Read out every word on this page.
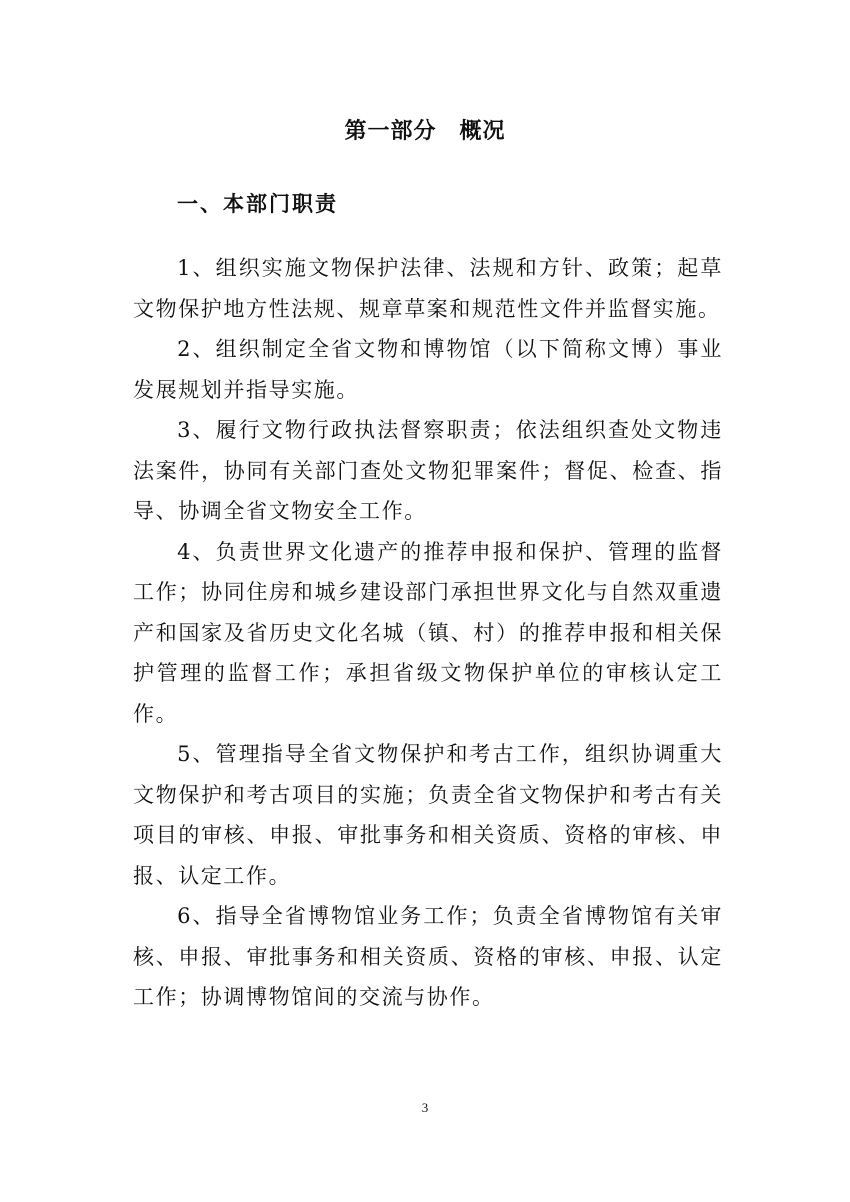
第一部分　概况
一、本部门职责

1、组织实施文物保护法律、法规和方针、政策；起草文物保护地方性法规、规章草案和规范性文件并监督实施。

2、组织制定全省文物和博物馆（以下简称文博）事业发展规划并指导实施。

3、履行文物行政执法督察职责；依法组织查处文物违法案件，协同有关部门查处文物犯罪案件；督促、检查、指导、协调全省文物安全工作。

4、负责世界文化遗产的推荐申报和保护、管理的监督工作；协同住房和城乡建设部门承担世界文化与自然双重遗产和国家及省历史文化名城（镇、村）的推荐申报和相关保护管理的监督工作；承担省级文物保护单位的审核认定工作。

5、管理指导全省文物保护和考古工作，组织协调重大文物保护和考古项目的实施；负责全省文物保护和考古有关项目的审核、申报、审批事务和相关资质、资格的审核、申报、认定工作。

6、指导全省博物馆业务工作；负责全省博物馆有关审核、申报、审批事务和相关资质、资格的审核、申报、认定工作；协调博物馆间的交流与协作。

3
